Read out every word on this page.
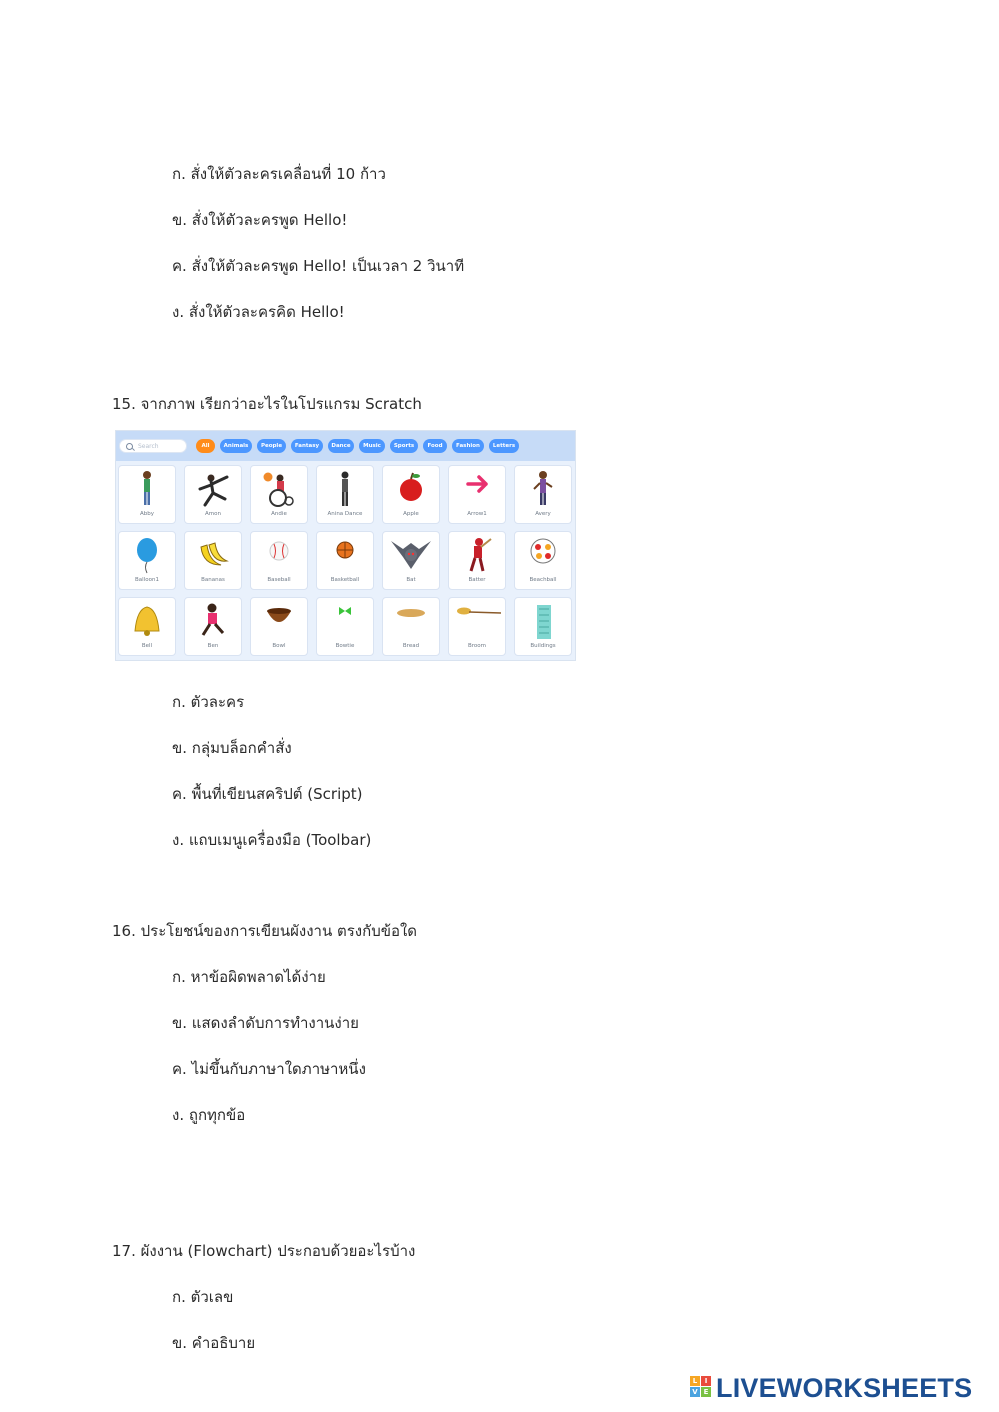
ก. สั่งให้ตัวละครเคลื่อนที่ 10 ก้าว
ข. สั่งให้ตัวละครพูด Hello!
ค. สั่งให้ตัวละครพูด Hello! เป็นเวลา 2 วินาที
ง. สั่งให้ตัวละครคิด Hello!
15. จากภาพ เรียกว่าอะไรในโปรแกรม Scratch
Search	All	Animals	People	Fantasy	Dance	Music	Sports	Food	Fashion	Letters
Abby	Amon	Andie	Anina Dance	Apple	Arrow1	Avery
Balloon1	Bananas	Baseball	Basketball	Bat	Batter	Beachball
Bell	Ben	Bowl	Bowtie	Bread	Broom	Buildings
ก. ตัวละคร
ข. กลุ่มบล็อกคำสั่ง
ค. พื้นที่เขียนสคริปต์ (Script)
ง. แถบเมนูเครื่องมือ (Toolbar)
16. ประโยชน์ของการเขียนผังงาน ตรงกับข้อใด
ก. หาข้อผิดพลาดได้ง่าย
ข. แสดงลำดับการทำงานง่าย
ค. ไม่ขึ้นกับภาษาใดภาษาหนึ่ง
ง. ถูกทุกข้อ
17. ผังงาน (Flowchart) ประกอบด้วยอะไรบ้าง
ก. ตัวเลข
ข. คำอธิบาย
L	I
V E LIVEWORKSHEETS
